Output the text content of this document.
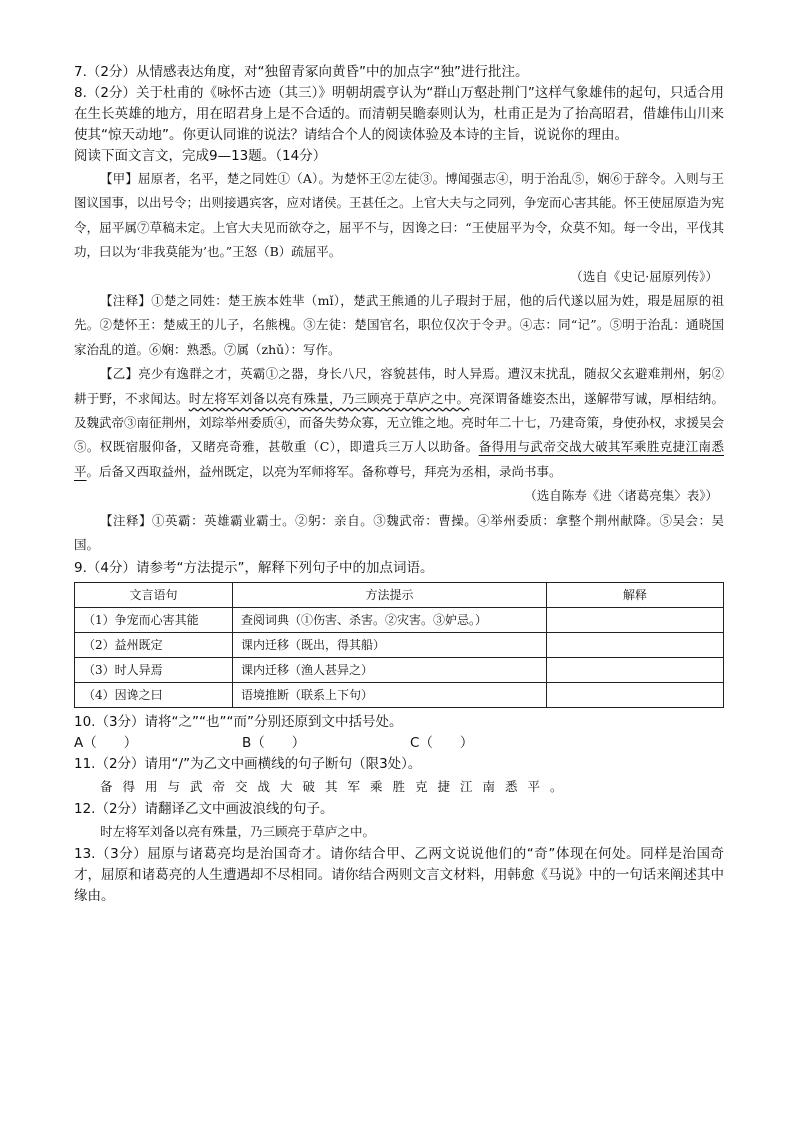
7.（2分）从情感表达角度，对“独留青冢向黄昏”中的加点字“独”进行批注。

8.（2分）关于杜甫的《咏怀古迹（其三）》明朝胡震亨认为“群山万壑赴荆门”这样气象雄伟的起句，只适合用在生长英雄的地方，用在昭君身上是不合适的。而清朝吴瞻泰则认为，杜甫正是为了抬高昭君，借雄伟山川来使其“惊天动地”。你更认同谁的说法？请结合个人的阅读体验及本诗的主旨，说说你的理由。

阅读下面文言文，完成9—13题。（14分）

【甲】屈原者，名平，楚之同姓①（A）。为楚怀王②左徒③。博闻强志④，明于治乱⑤，娴⑥于辞令。入则与王图议国事，以出号令；出则接遇宾客，应对诸侯。王甚任之。上官大夫与之同列，争宠而心害其能。怀王使屈原造为宪令，屈平属⑦草稿未定。上官大夫见而欲夺之，屈平不与，因谗之曰：“王使屈平为令，众莫不知。每一令出，平伐其功，曰以为‘非我莫能为’也。”王怒（B）疏屈平。

（选自《史记·屈原列传》）

【注释】①楚之同姓：楚王族本姓芈（mǐ），楚武王熊通的儿子瑕封于屈，他的后代遂以屈为姓，瑕是屈原的祖先。②楚怀王：楚威王的儿子，名熊槐。③左徒：楚国官名，职位仅次于令尹。④志：同“记”。⑤明于治乱：通晓国家治乱的道。⑥娴：熟悉。⑦属（zhǔ）：写作。

【乙】亮少有逸群之才，英霸①之器，身长八尺，容貌甚伟，时人异焉。遭汉末扰乱，随叔父玄避难荆州，躬②耕于野，不求闻达。时左将军刘备以亮有殊量，乃三顾亮于草庐之中。亮深谓备雄姿杰出，遂解带写诚，厚相结纳。及魏武帝③南征荆州，刘琮举州委质④，而备失势众寡，无立锥之地。亮时年二十七，乃建奇策，身使孙权，求援吴会⑤。权既宿服仰备，又睹亮奇雅，甚敬重（C），即遣兵三万人以助备。备得用与武帝交战大破其军乘胜克捷江南悉平。后备又西取益州，益州既定，以亮为军师将军。备称尊号，拜亮为丞相，录尚书事。

（选自陈寿《进〈诸葛亮集〉表》）

【注释】①英霸：英雄霸业霸士。②躬：亲自。③魏武帝：曹操。④举州委质：拿整个荆州献降。⑤吴会：吴国。

9.（4分）请参考“方法提示”，解释下列句子中的加点词语。

文言语句	方法提示	解释
（1）争宠而心害其能	查阅词典（①伤害、杀害。②灾害。③妒忌。）	
（2）益州既定	课内迁移（既出，得其船）	
（3）时人异焉	课内迁移（渔人甚异之）	
（4）因谗之曰	语境推断（联系上下句）	

10.（3分）请将“之”“也”“而”分别还原到文中括号处。

A（　　）	B（　　）	C（　　）

11.（2分）请用“/”为乙文中画横线的句子断句（限3处）。

备得用与武帝交战大破其军乘胜克捷江南悉平。

12.（2分）请翻译乙文中画波浪线的句子。

时左将军刘备以亮有殊量，乃三顾亮于草庐之中。

13.（3分）屈原与诸葛亮均是治国奇才。请你结合甲、乙两文说说他们的“奇”体现在何处。同样是治国奇才，屈原和诸葛亮的人生遭遇却不尽相同。请你结合两则文言文材料，用韩愈《马说》中的一句话来阐述其中缘由。
